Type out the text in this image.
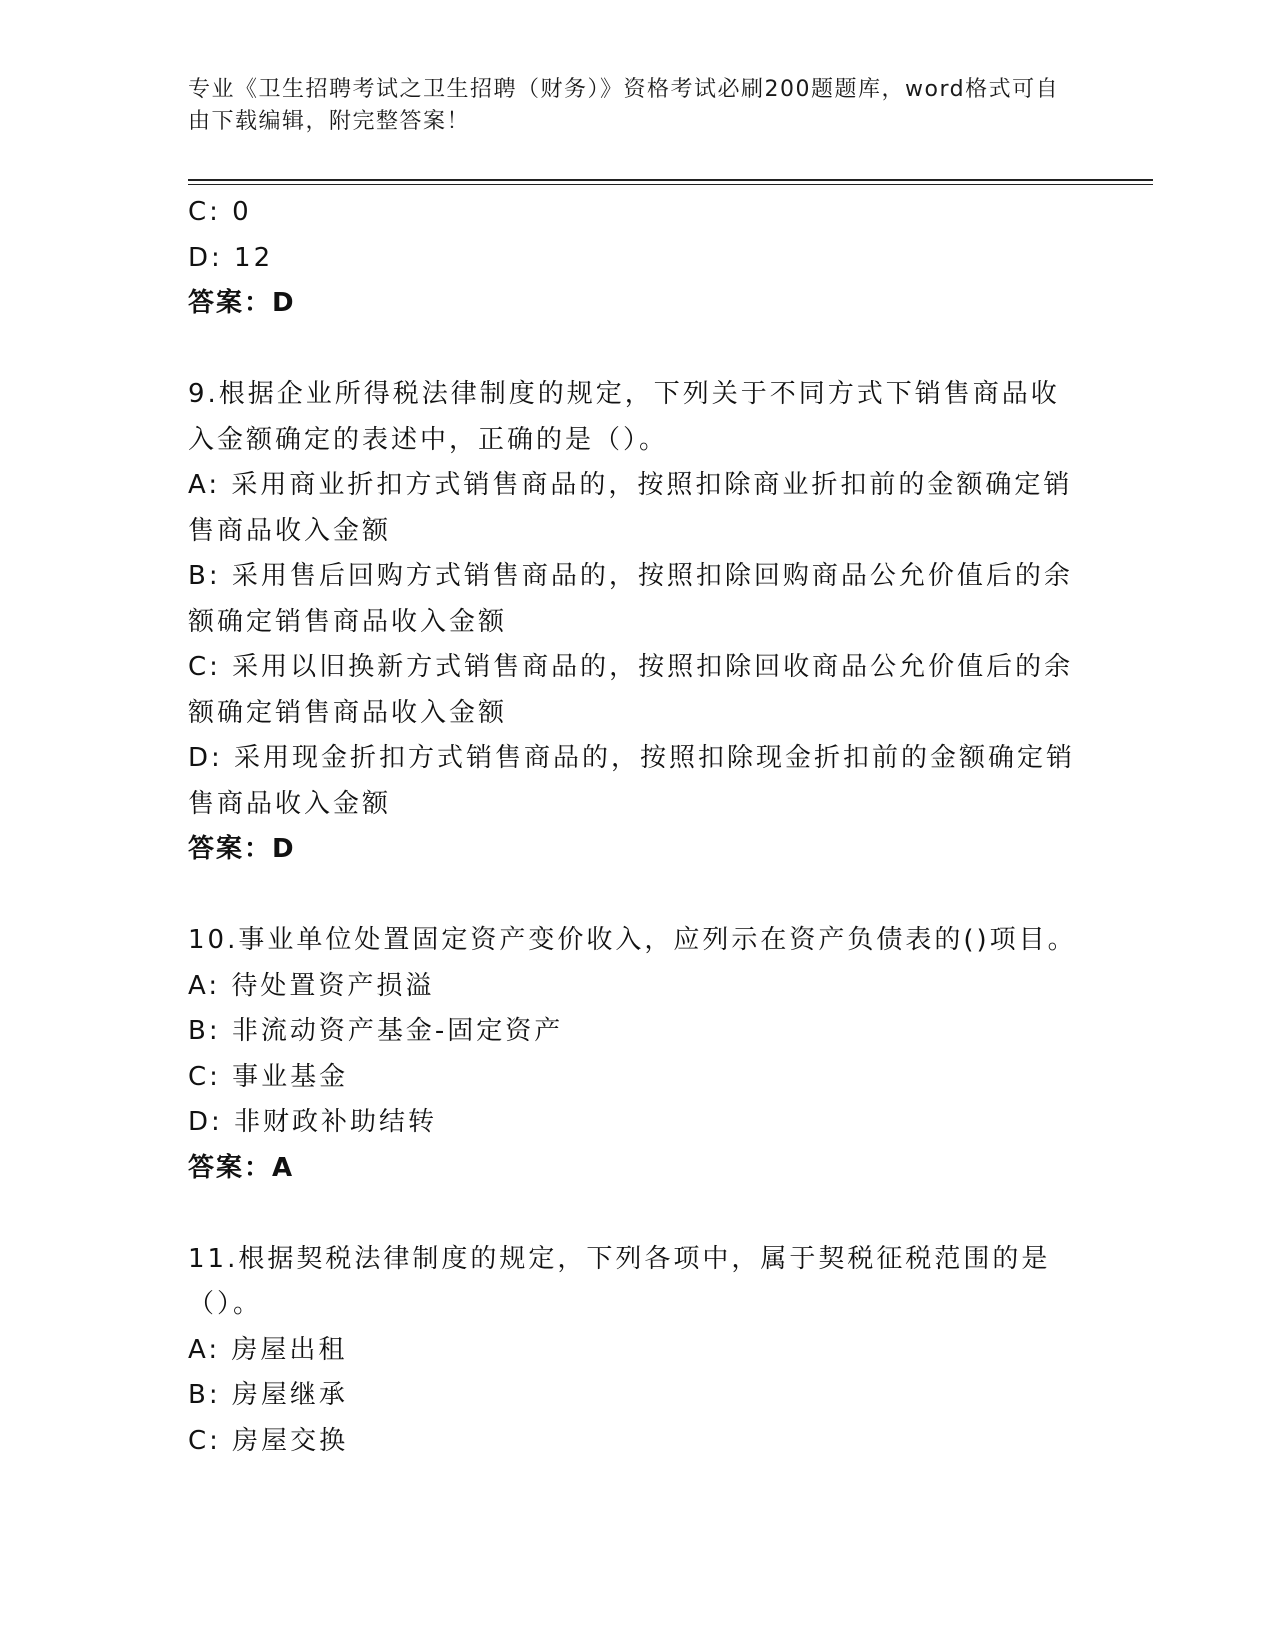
专业《卫生招聘考试之卫生招聘（财务）》资格考试必刷200题题库，word格式可自由下载编辑，附完整答案！

C: 0

D: 12

答案：D

9.根据企业所得税法律制度的规定，下列关于不同方式下销售商品收入金额确定的表述中，正确的是（）。

A: 采用商业折扣方式销售商品的，按照扣除商业折扣前的金额确定销售商品收入金额

B: 采用售后回购方式销售商品的，按照扣除回购商品公允价值后的余额确定销售商品收入金额

C: 采用以旧换新方式销售商品的，按照扣除回收商品公允价值后的余额确定销售商品收入金额

D: 采用现金折扣方式销售商品的，按照扣除现金折扣前的金额确定销售商品收入金额

答案：D

10.事业单位处置固定资产变价收入，应列示在资产负债表的()项目。

A: 待处置资产损溢

B: 非流动资产基金-固定资产

C: 事业基金

D: 非财政补助结转

答案：A

11.根据契税法律制度的规定，下列各项中，属于契税征税范围的是（）。

A: 房屋出租

B: 房屋继承

C: 房屋交换
